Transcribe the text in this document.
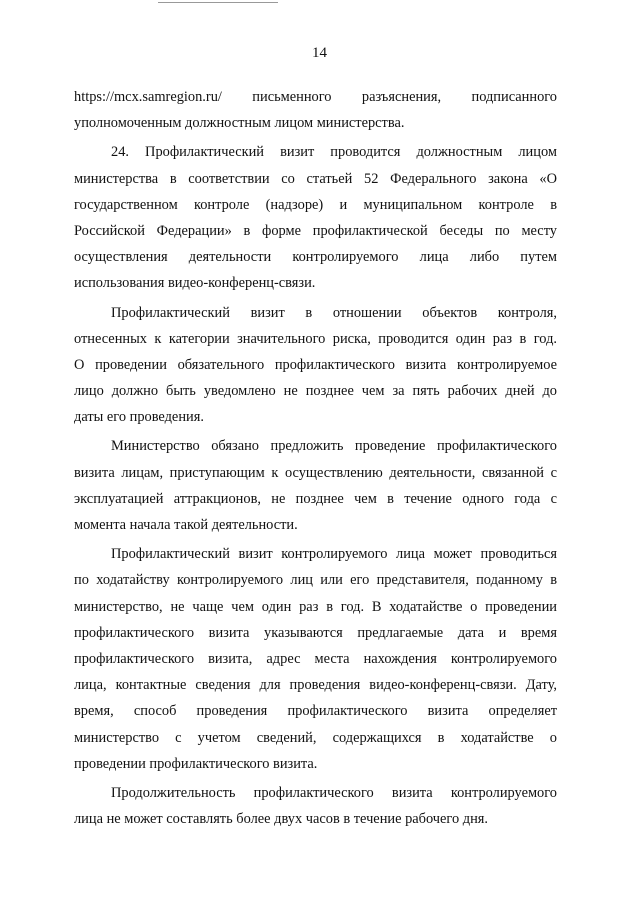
14

https://mcx.samregion.ru/ письменного разъяснения, подписанного
уполномоченным должностным лицом министерства.

24. Профилактический визит проводится должностным лицом
министерства в соответствии со статьей 52 Федерального закона «О
государственном контроле (надзоре) и муниципальном контроле в
Российской Федерации» в форме профилактической беседы по месту
осуществления деятельности контролируемого лица либо путем
использования видео-конференц-связи.

Профилактический визит в отношении объектов контроля,
отнесенных к категории значительного риска, проводится один раз в год.
О проведении обязательного профилактического визита контролируемое
лицо должно быть уведомлено не позднее чем за пять рабочих дней до
даты его проведения.

Министерство обязано предложить проведение профилактического
визита лицам, приступающим к осуществлению деятельности, связанной с
эксплуатацией аттракционов, не позднее чем в течение одного года с
момента начала такой деятельности.

Профилактический визит контролируемого лица может проводиться
по ходатайству контролируемого лиц или его представителя, поданному в
министерство, не чаще чем один раз в год. В ходатайстве о проведении
профилактического визита указываются предлагаемые дата и время
профилактического визита, адрес места нахождения контролируемого
лица, контактные сведения для проведения видео-конференц-связи. Дату,
время, способ проведения профилактического визита определяет
министерство с учетом сведений, содержащихся в ходатайстве о
проведении профилактического визита.

Продолжительность профилактического визита контролируемого
лица не может составлять более двух часов в течение рабочего дня.
